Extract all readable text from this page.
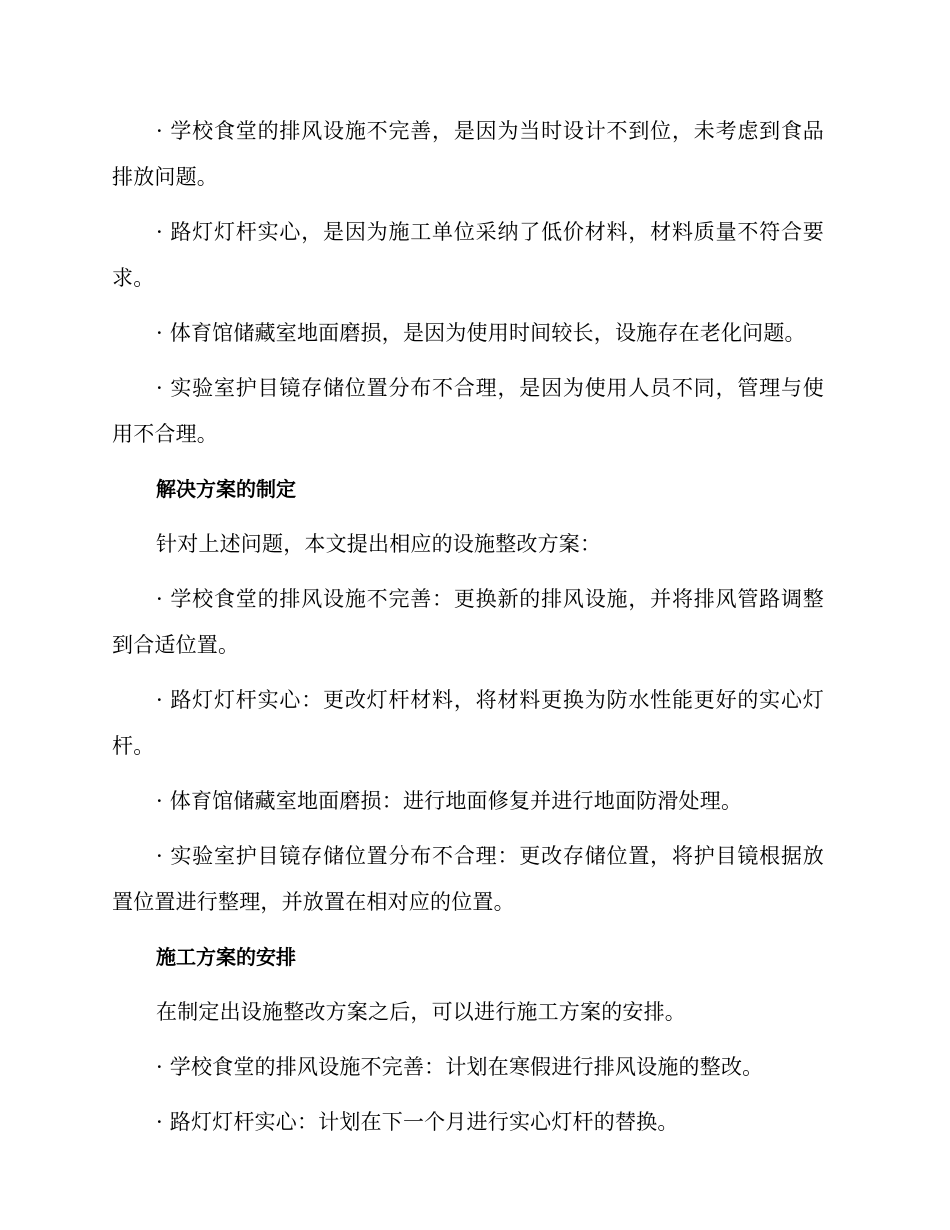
· 学校食堂的排风设施不完善，是因为当时设计不到位，未考虑到食品排放问题。

· 路灯灯杆实心，是因为施工单位采纳了低价材料，材料质量不符合要求。

· 体育馆储藏室地面磨损，是因为使用时间较长，设施存在老化问题。

· 实验室护目镜存储位置分布不合理，是因为使用人员不同，管理与使用不合理。

解决方案的制定

针对上述问题，本文提出相应的设施整改方案：

· 学校食堂的排风设施不完善：更换新的排风设施，并将排风管路调整到合适位置。

· 路灯灯杆实心：更改灯杆材料，将材料更换为防水性能更好的实心灯杆。

· 体育馆储藏室地面磨损：进行地面修复并进行地面防滑处理。

· 实验室护目镜存储位置分布不合理：更改存储位置，将护目镜根据放置位置进行整理，并放置在相对应的位置。

施工方案的安排

在制定出设施整改方案之后，可以进行施工方案的安排。

· 学校食堂的排风设施不完善：计划在寒假进行排风设施的整改。

· 路灯灯杆实心：计划在下一个月进行实心灯杆的替换。
